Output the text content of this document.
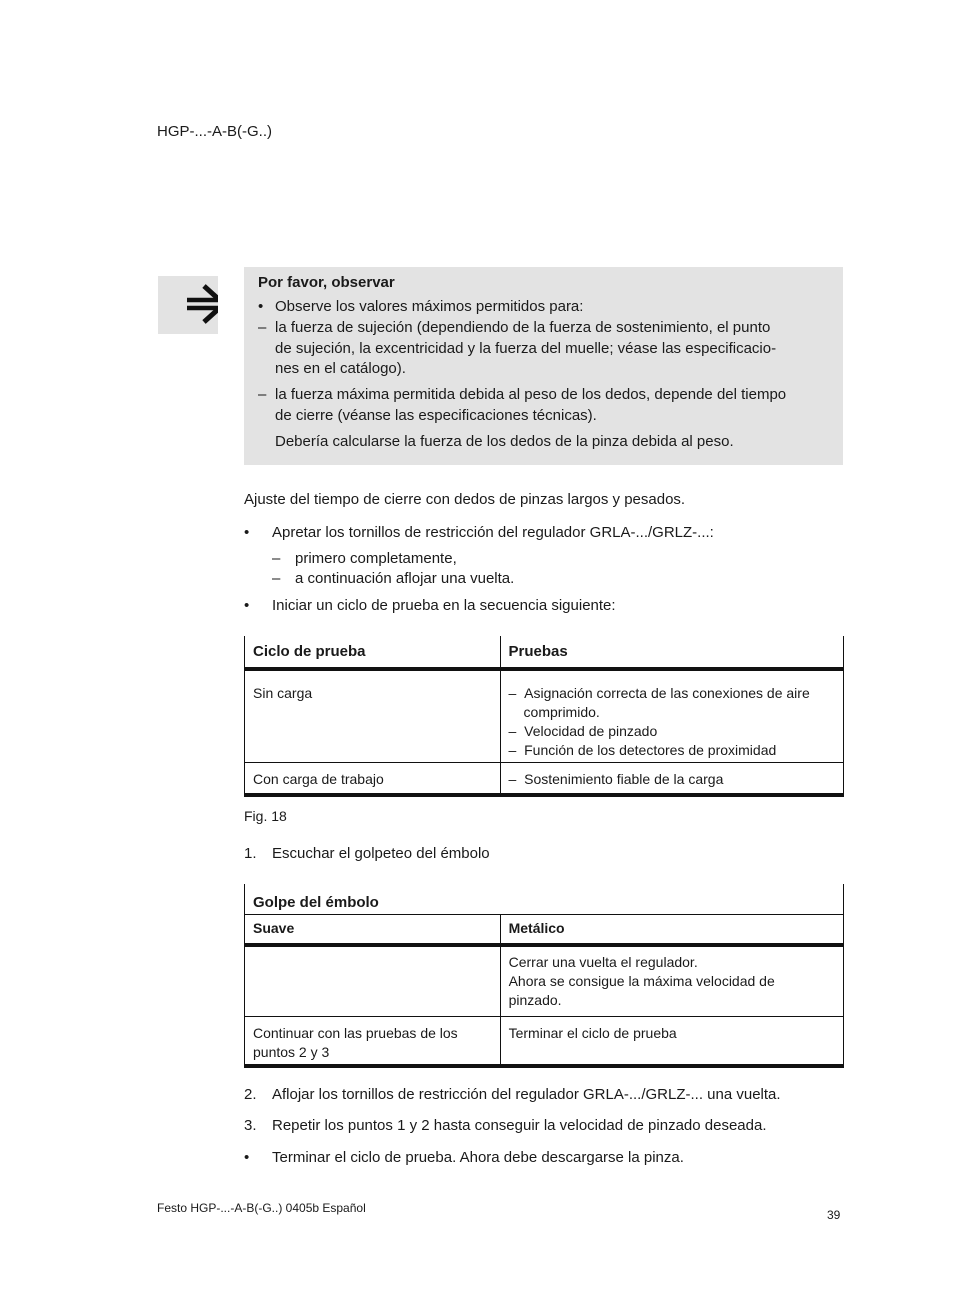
HGP-...-A-B(-G..)
Por favor, observar
• Observe los valores máximos permitidos para:
– la fuerza de sujeción (dependiendo de la fuerza de sostenimiento, el punto
de sujeción, la excentricidad y la fuerza del muelle; véase las especificacio-
nes en el catálogo).
– la fuerza máxima permitida debida al peso de los dedos, depende del tiempo
de cierre (véanse las especificaciones técnicas).
Debería calcularse la fuerza de los dedos de la pinza debida al peso.
Ajuste del tiempo de cierre con dedos de pinzas largos y pesados.
• Apretar los tornillos de restricción del regulador GRLA-.../GRLZ-...:
– primero completamente,
– a continuación aflojar una vuelta.
• Iniciar un ciclo de prueba en la secuencia siguiente:
Ciclo de prueba	Pruebas
Sin carga	– Asignación correcta de las conexiones de aire
comprimido.
– Velocidad de pinzado
– Función de los detectores de proximidad

Con carga de trabajo	– Sostenimiento fiable de la carga
Fig. 18
1. Escuchar el golpeteo del émbolo
Golpe del émbolo	
Suave	Metálico

	Cerrar una vuelta el regulador.
Ahora se consigue la máxima velocidad de
pinzado.

Continuar con las pruebas de los
puntos 2 y 3	Terminar el ciclo de prueba
2. Aflojar los tornillos de restricción del regulador GRLA-.../GRLZ-... una vuelta.
3. Repetir los puntos 1 y 2 hasta conseguir la velocidad de pinzado deseada.
• Terminar el ciclo de prueba. Ahora debe descargarse la pinza.
Festo HGP-...-A-B(-G..) 0405b Español	39
